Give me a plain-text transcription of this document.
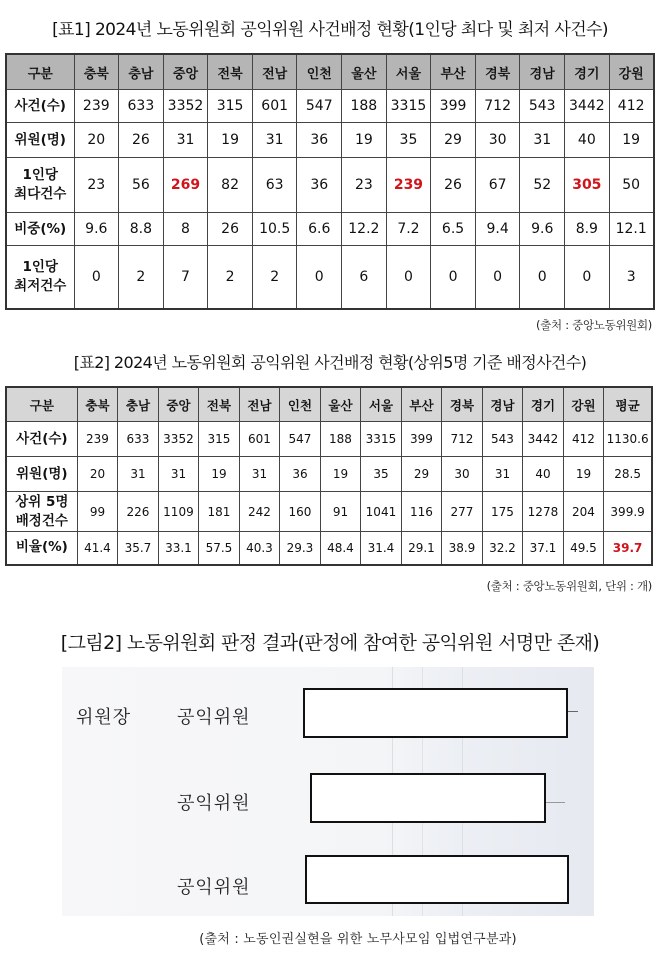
[표1] 2024년 노동위원회 공익위원 사건배정 현황(1인당 최다 및 최저 사건수)
구분	충북	충남	중앙	전북	전남	인천	울산	서울	부산	경북	경남	경기	강원
사건(수)	239	633	3352	315	601	547	188	3315	399	712	543	3442	412
위원(명)	20	26	31	19	31	36	19	35	29	30	31	40	19
1인당
최다건수	23	56	269	82	63	36	23	239	26	67	52	305	50
비중(%)	9.6	8.8	8	26	10.5	6.6	12.2	7.2	6.5	9.4	9.6	8.9	12.1
1인당
최저건수	0	2	7	2	2	0	6	0	0	0	0	0	3
(출처 : 중앙노동위원회)
[표2] 2024년 노동위원회 공익위원 사건배정 현황(상위5명 기준 배정사건수)
구분	충북	충남	중앙	전북	전남	인천	울산	서울	부산	경북	경남	경기	강원	평균
사건(수)	239	633	3352	315	601	547	188	3315	399	712	543	3442	412	1130.6
위원(명)	20	31	31	19	31	36	19	35	29	30	31	40	19	28.5
상위 5명
배정건수	99	226	1109	181	242	160	91	1041	116	277	175	1278	204	399.9
비율(%)	41.4	35.7	33.1	57.5	40.3	29.3	48.4	31.4	29.1	38.9	32.2	37.1	49.5	39.7
(출처 : 중앙노동위원회, 단위 : 개)
[그림2] 노동위원회 판정 결과(판정에 참여한 공익위원 서명만 존재)
위원장	공익위원
공익위원
공익위원
(출처 : 노동인권실현을 위한 노무사모임 입법연구분과)
